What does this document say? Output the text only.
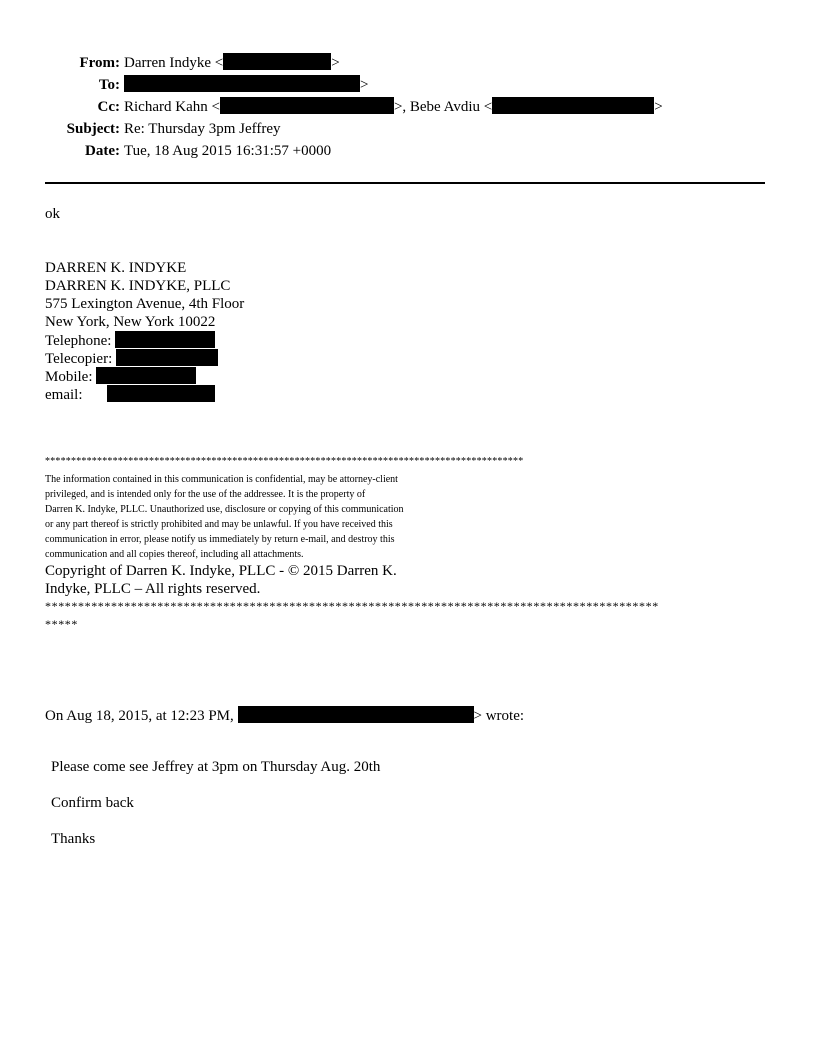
From: Darren Indyke <	>
To:	>
Cc: Richard Kahn <	>, Bebe Avdiu <	>
Subject: Re: Thursday 3pm Jeffrey
Date: Tue, 18 Aug 2015 16:31:57 +0000
ok
DARREN K. INDYKE
DARREN K. INDYKE, PLLC
575 Lexington Avenue, 4th Floor
New York, New York 10022
Telephone:
Telecopier:
Mobile:
email:
********************************************************************************************
The information contained in this communication is confidential, may be attorney-client
privileged, and is intended only for the use of the addressee. It is the property of
Darren K. Indyke, PLLC. Unauthorized use, disclosure or copying of this communication
or any part thereof is strictly prohibited and may be unlawful. If you have received this
communication in error, please notify us immediately by return e-mail, and destroy this
communication and all copies thereof, including all attachments.
Copyright of Darren K. Indyke, PLLC - © 2015 Darren K.
Indyke, PLLC – All rights reserved.
*********************************************************************************************
*****
On Aug 18, 2015, at 12:23 PM,	> wrote:
Please come see Jeffrey at 3pm on Thursday Aug. 20th
Confirm back
Thanks
